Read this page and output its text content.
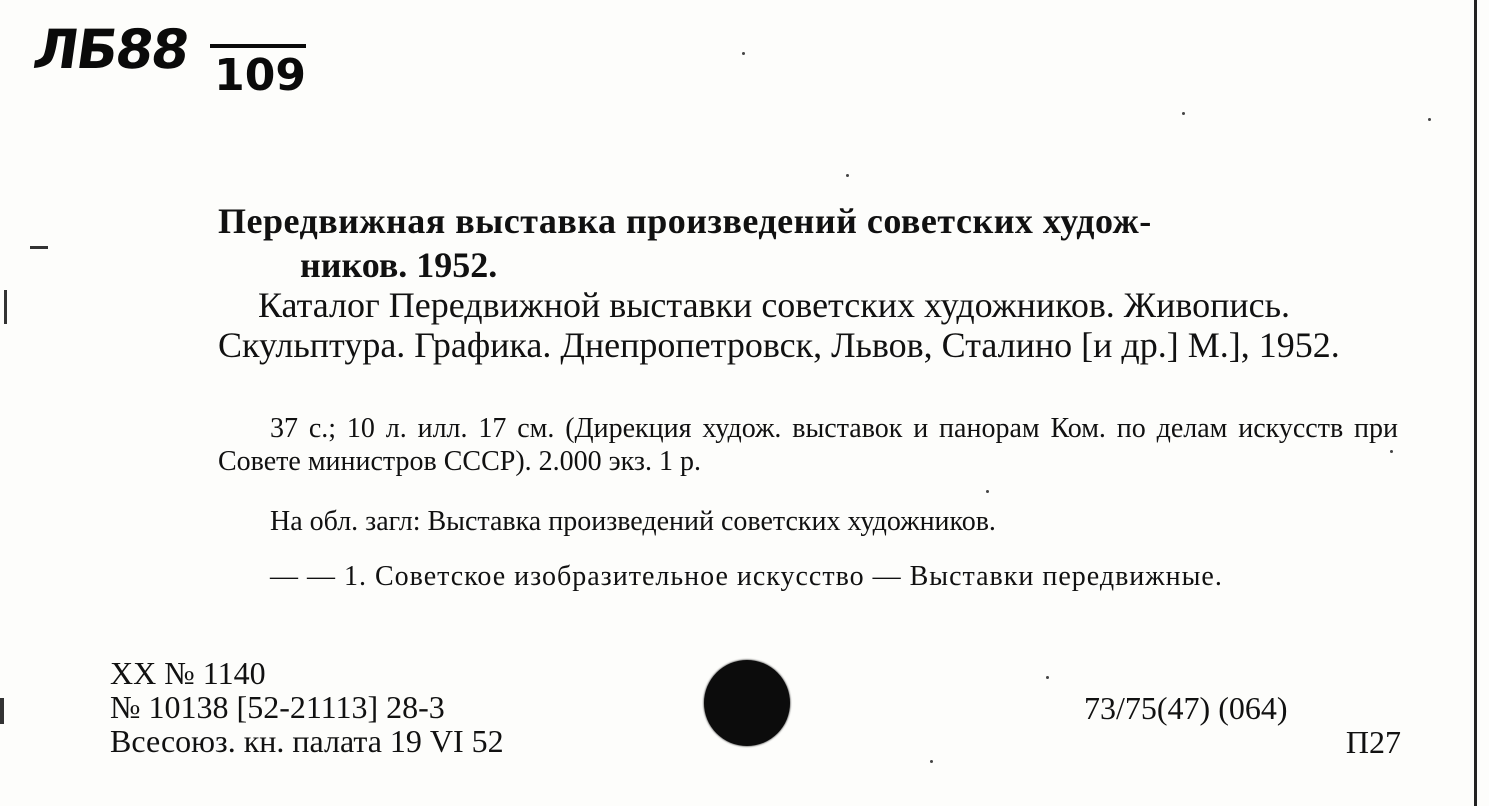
ЛБ88 109
Передвижная выставка произведений советских худож-
ников. 1952.

Каталог Передвижной выставки советских художников. Живопись. Скульптура. Графика. Днепропетровск, Львов, Сталино [и др.] М.], 1952.

37 с.; 10 л. илл. 17 см. (Дирекция худож. выставок и панорам Ком. по делам искусств при Совете министров СССР). 2.000 экз. 1 р.

На обл. загл: Выставка произведений советских художников.

— — 1. Советское изобразительное искусство — Выставки передвижные.

XX № 1140
№ 10138 [52-21113] 28-3
Всесоюз. кн. палата 19 VI 52
73/75(47) (064)
П27
